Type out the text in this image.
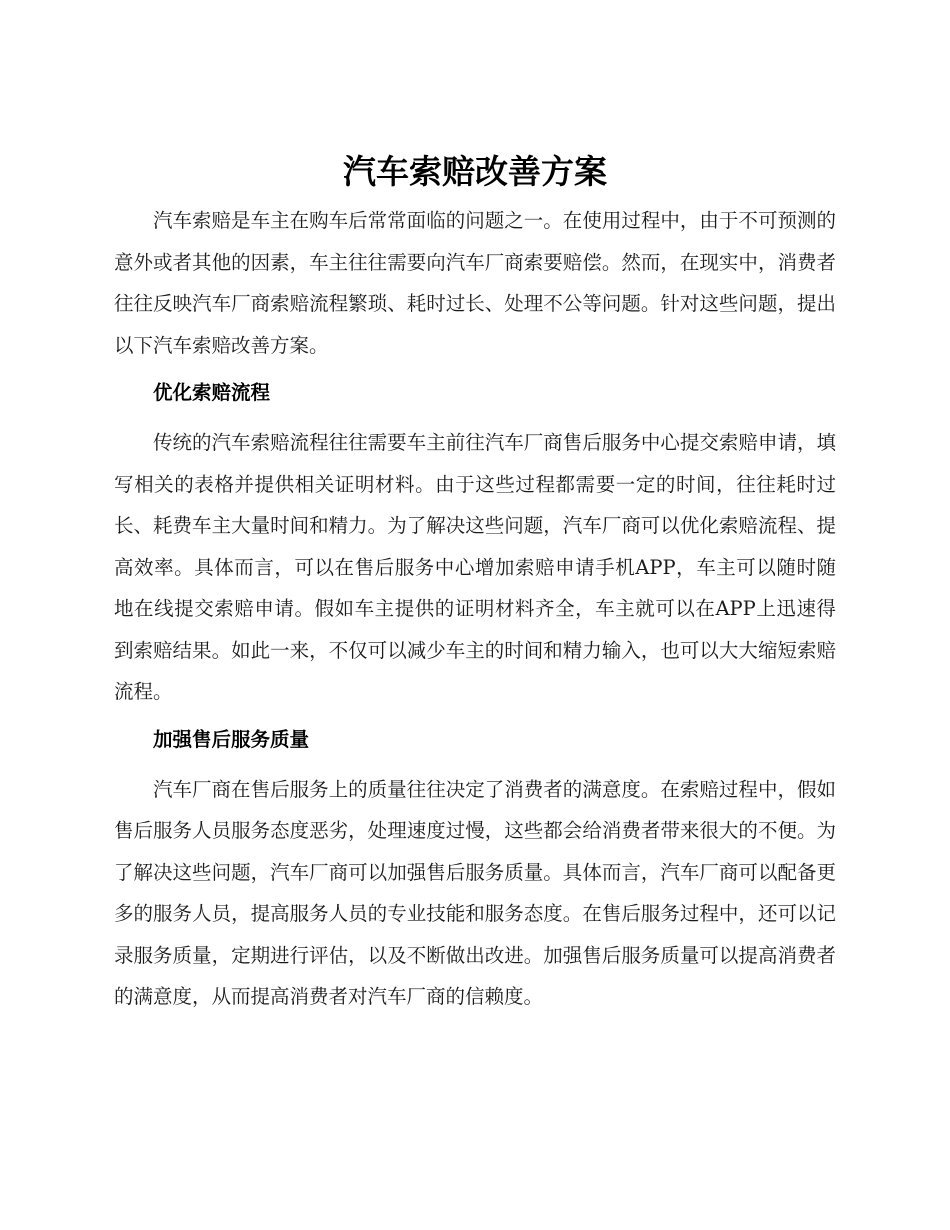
汽车索赔改善方案

汽车索赔是车主在购车后常常面临的问题之一。在使用过程中，由于不可预测的意外或者其他的因素，车主往往需要向汽车厂商索要赔偿。然而，在现实中，消费者往往反映汽车厂商索赔流程繁琐、耗时过长、处理不公等问题。针对这些问题，提出以下汽车索赔改善方案。

优化索赔流程

传统的汽车索赔流程往往需要车主前往汽车厂商售后服务中心提交索赔申请，填写相关的表格并提供相关证明材料。由于这些过程都需要一定的时间，往往耗时过长、耗费车主大量时间和精力。为了解决这些问题，汽车厂商可以优化索赔流程、提高效率。具体而言，可以在售后服务中心增加索赔申请手机APP，车主可以随时随地在线提交索赔申请。假如车主提供的证明材料齐全，车主就可以在APP上迅速得到索赔结果。如此一来，不仅可以减少车主的时间和精力输入，也可以大大缩短索赔流程。

加强售后服务质量

汽车厂商在售后服务上的质量往往决定了消费者的满意度。在索赔过程中，假如售后服务人员服务态度恶劣，处理速度过慢，这些都会给消费者带来很大的不便。为了解决这些问题，汽车厂商可以加强售后服务质量。具体而言，汽车厂商可以配备更多的服务人员，提高服务人员的专业技能和服务态度。在售后服务过程中，还可以记录服务质量，定期进行评估，以及不断做出改进。加强售后服务质量可以提高消费者的满意度，从而提高消费者对汽车厂商的信赖度。
